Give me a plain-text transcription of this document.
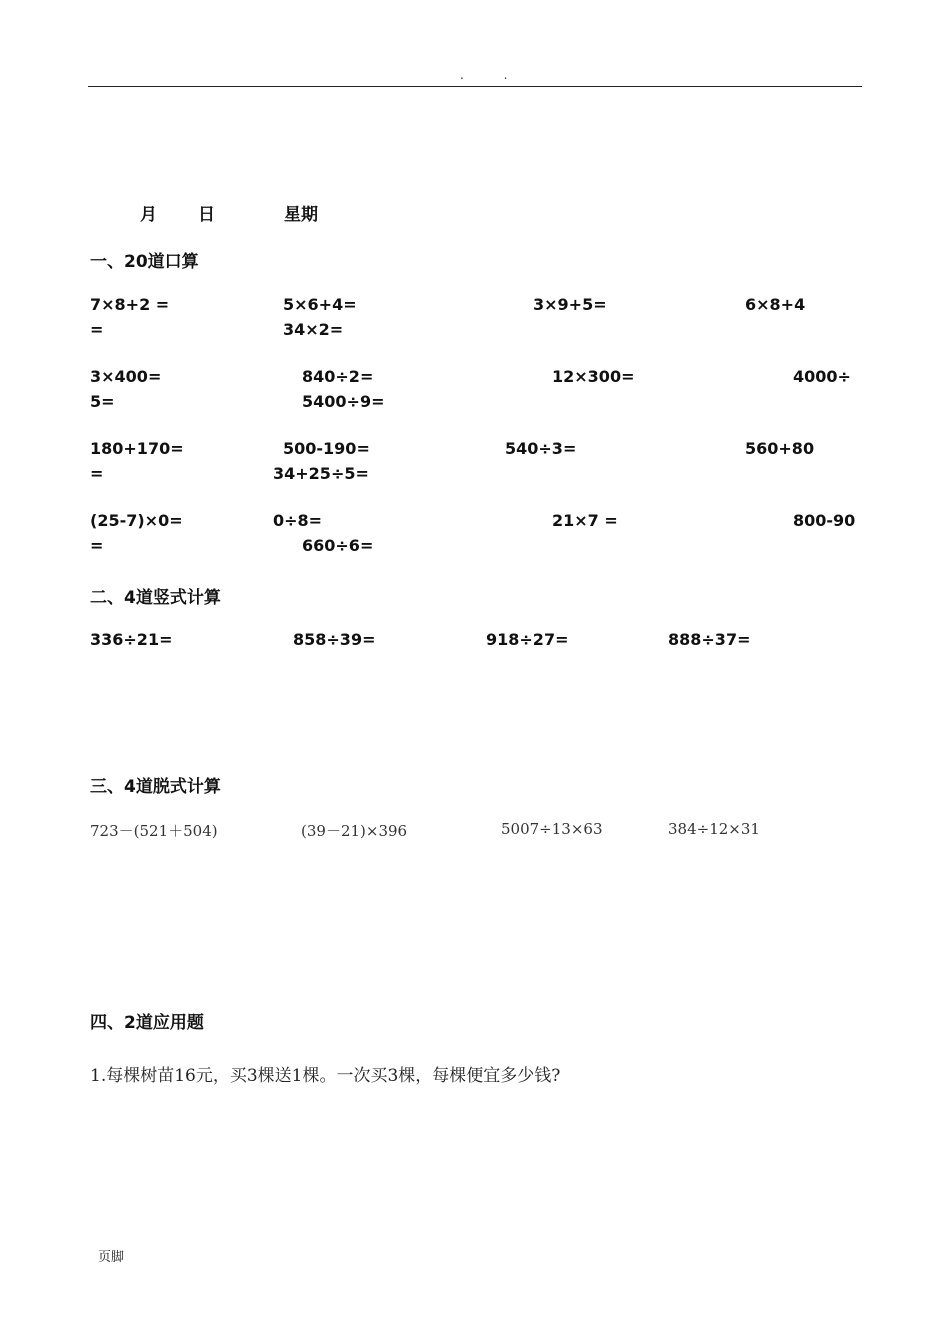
. .
月 日	星期
一、20道口算
7×8+2 =	5×6+4=	3×9+5=	6×8+4
=	34×2=
3×400=	840÷2=	12×300=	4000÷
5=	5400÷9=
180+170=	500-190=	540÷3=	560+80
=	34+25÷5=
(25-7)×0=	0÷8=	21×7 =	800-90
=	660÷6=
二、4道竖式计算
336÷21=	858÷39=	918÷27=	888÷37=
三、4道脱式计算
723－(521＋504)	(39－21)×396	5007÷13×63	384÷12×31
四、2道应用题
1.每棵树苗16元，买3棵送1棵。一次买3棵，每棵便宜多少钱?
页脚
